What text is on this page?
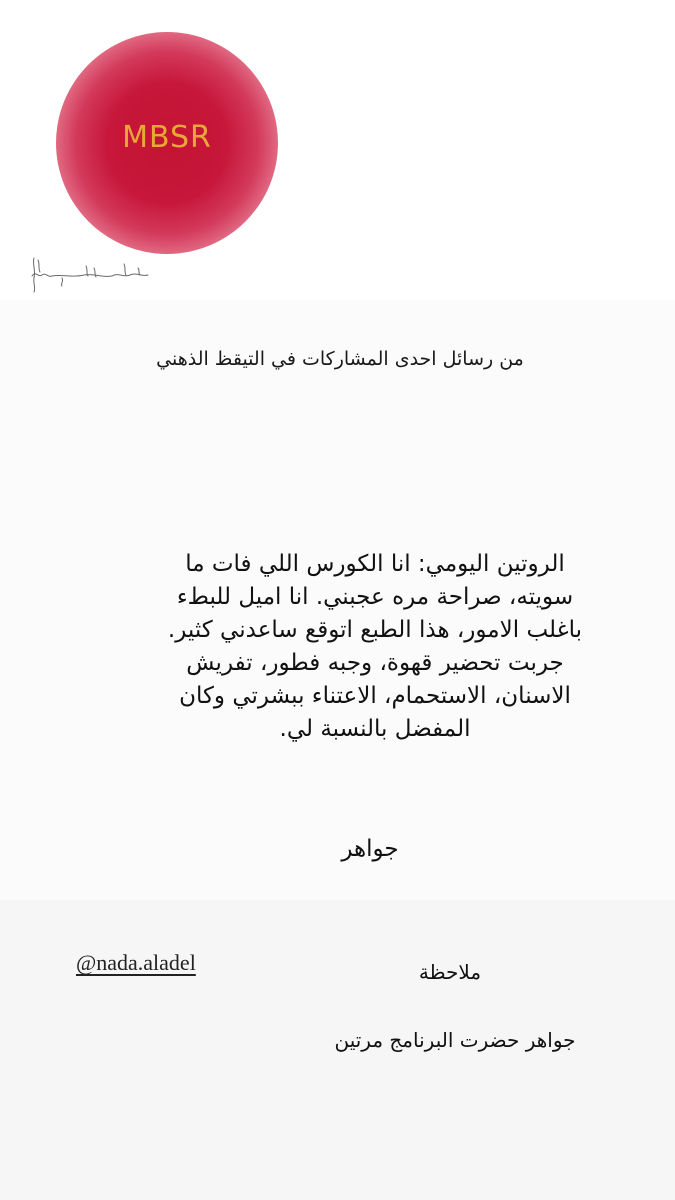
MBSR
من رسائل احدى المشاركات في التيقظ الذهني
الروتين اليومي: انا الكورس اللي فات ما سويته، صراحة مره عجبني. انا اميل للبطء باغلب الامور، هذا الطبع اتوقع ساعدني كثير. جربت تحضير قهوة، وجبه فطور، تفريش الاسنان، الاستحمام، الاعتناء ببشرتي وكان المفضل بالنسبة لي.
جواهر
@nada.aladel	ملاحظة
جواهر حضرت البرنامج مرتين
